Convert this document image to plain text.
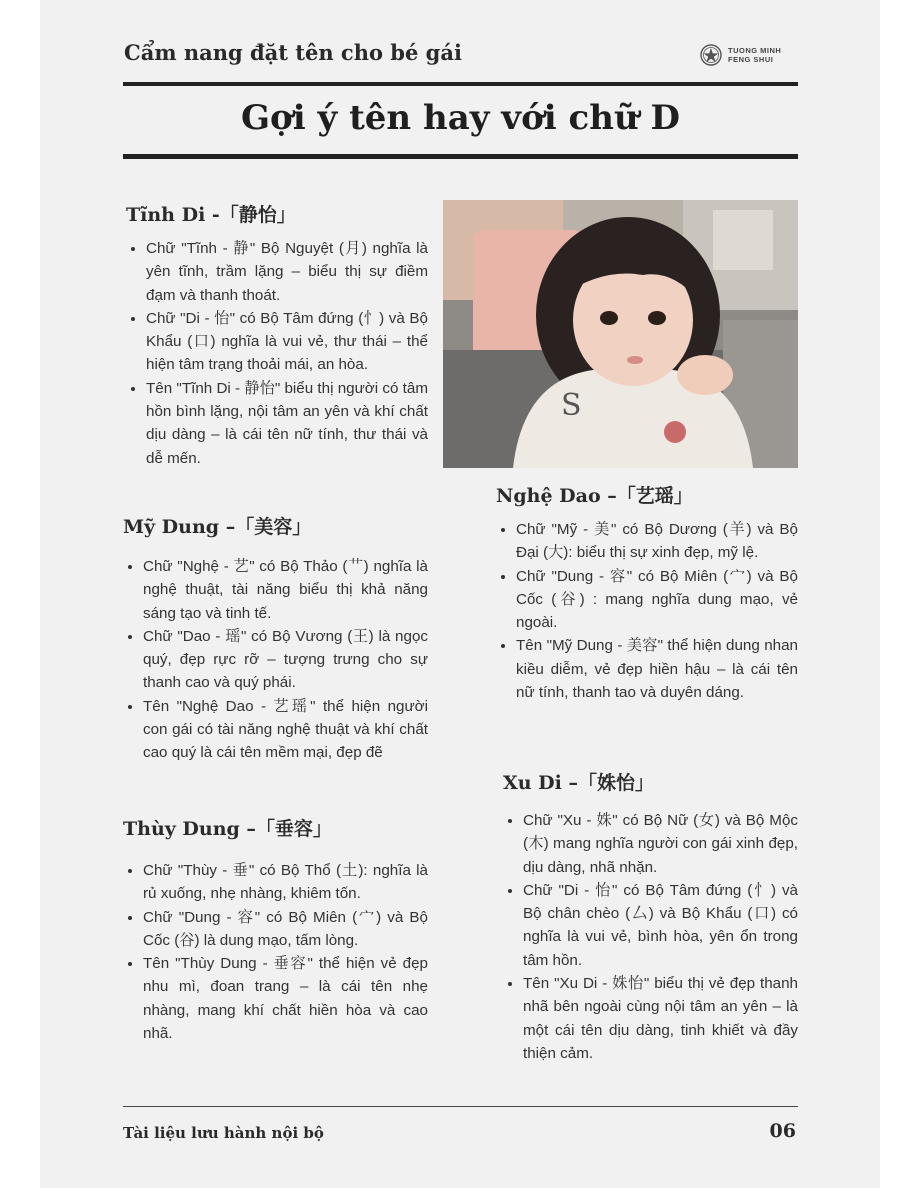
Cẩm nang đặt tên cho bé gái	TUONG MINH
FENG SHUI
Gợi ý tên hay với chữ D
S
Tĩnh Di -「静怡」
• Chữ "Tĩnh - 静" Bộ Nguyệt (月) nghĩa là yên tĩnh, trầm lặng – biểu thị sự điềm đạm và thanh thoát.
• Chữ "Di - 怡" có Bộ Tâm đứng (忄) và Bộ Khẩu (口) nghĩa là vui vẻ, thư thái – thể hiện tâm trạng thoải mái, an hòa.
• Tên "Tĩnh Di - 静怡" biểu thị người có tâm hồn bình lặng, nội tâm an yên và khí chất dịu dàng – là cái tên nữ tính, thư thái và dễ mến.
Mỹ Dung –「美容」
• Chữ "Nghệ - 艺" có Bộ Thảo (艹) nghĩa là nghệ thuật, tài năng biểu thị khả năng sáng tạo và tinh tế.
• Chữ "Dao - 瑶" có Bộ Vương (王) là ngọc quý, đẹp rực rỡ – tượng trưng cho sự thanh cao và quý phái.
• Tên "Nghệ Dao - 艺瑶" thể hiện người con gái có tài năng nghệ thuật và khí chất cao quý là cái tên mềm mại, đẹp đẽ
Thùy Dung –「垂容」
• Chữ "Thùy - 垂" có Bộ Thổ (土): nghĩa là rủ xuống, nhẹ nhàng, khiêm tốn.
• Chữ "Dung - 容" có Bộ Miên (宀) và Bộ Cốc (谷) là dung mạo, tấm lòng.
• Tên "Thùy Dung - 垂容" thể hiện vẻ đẹp nhu mì, đoan trang – là cái tên nhẹ nhàng, mang khí chất hiền hòa và cao nhã.
Nghệ Dao –「艺瑶」
• Chữ "Mỹ - 美" có Bộ Dương (羊) và Bộ Đại (大): biểu thị sự xinh đẹp, mỹ lệ.
• Chữ "Dung - 容" có Bộ Miên (宀) và Bộ Cốc (谷) : mang nghĩa dung mạo, vẻ ngoài.
• Tên "Mỹ Dung - 美容" thể hiện dung nhan kiều diễm, vẻ đẹp hiền hậu – là cái tên nữ tính, thanh tao và duyên dáng.
Xu Di –「姝怡」
• Chữ "Xu - 姝" có Bộ Nữ (女) và Bộ Mộc (木) mang nghĩa người con gái xinh đẹp, dịu dàng, nhã nhặn.
• Chữ "Di - 怡" có Bộ Tâm đứng (忄) và Bộ chân chèo (厶) và Bộ Khẩu (口) có nghĩa là vui vẻ, bình hòa, yên ổn trong tâm hồn.
• Tên "Xu Di - 姝怡" biểu thị vẻ đẹp thanh nhã bên ngoài cùng nội tâm an yên – là một cái tên dịu dàng, tinh khiết và đầy thiện cảm.
Tài liệu lưu hành nội bộ	06
